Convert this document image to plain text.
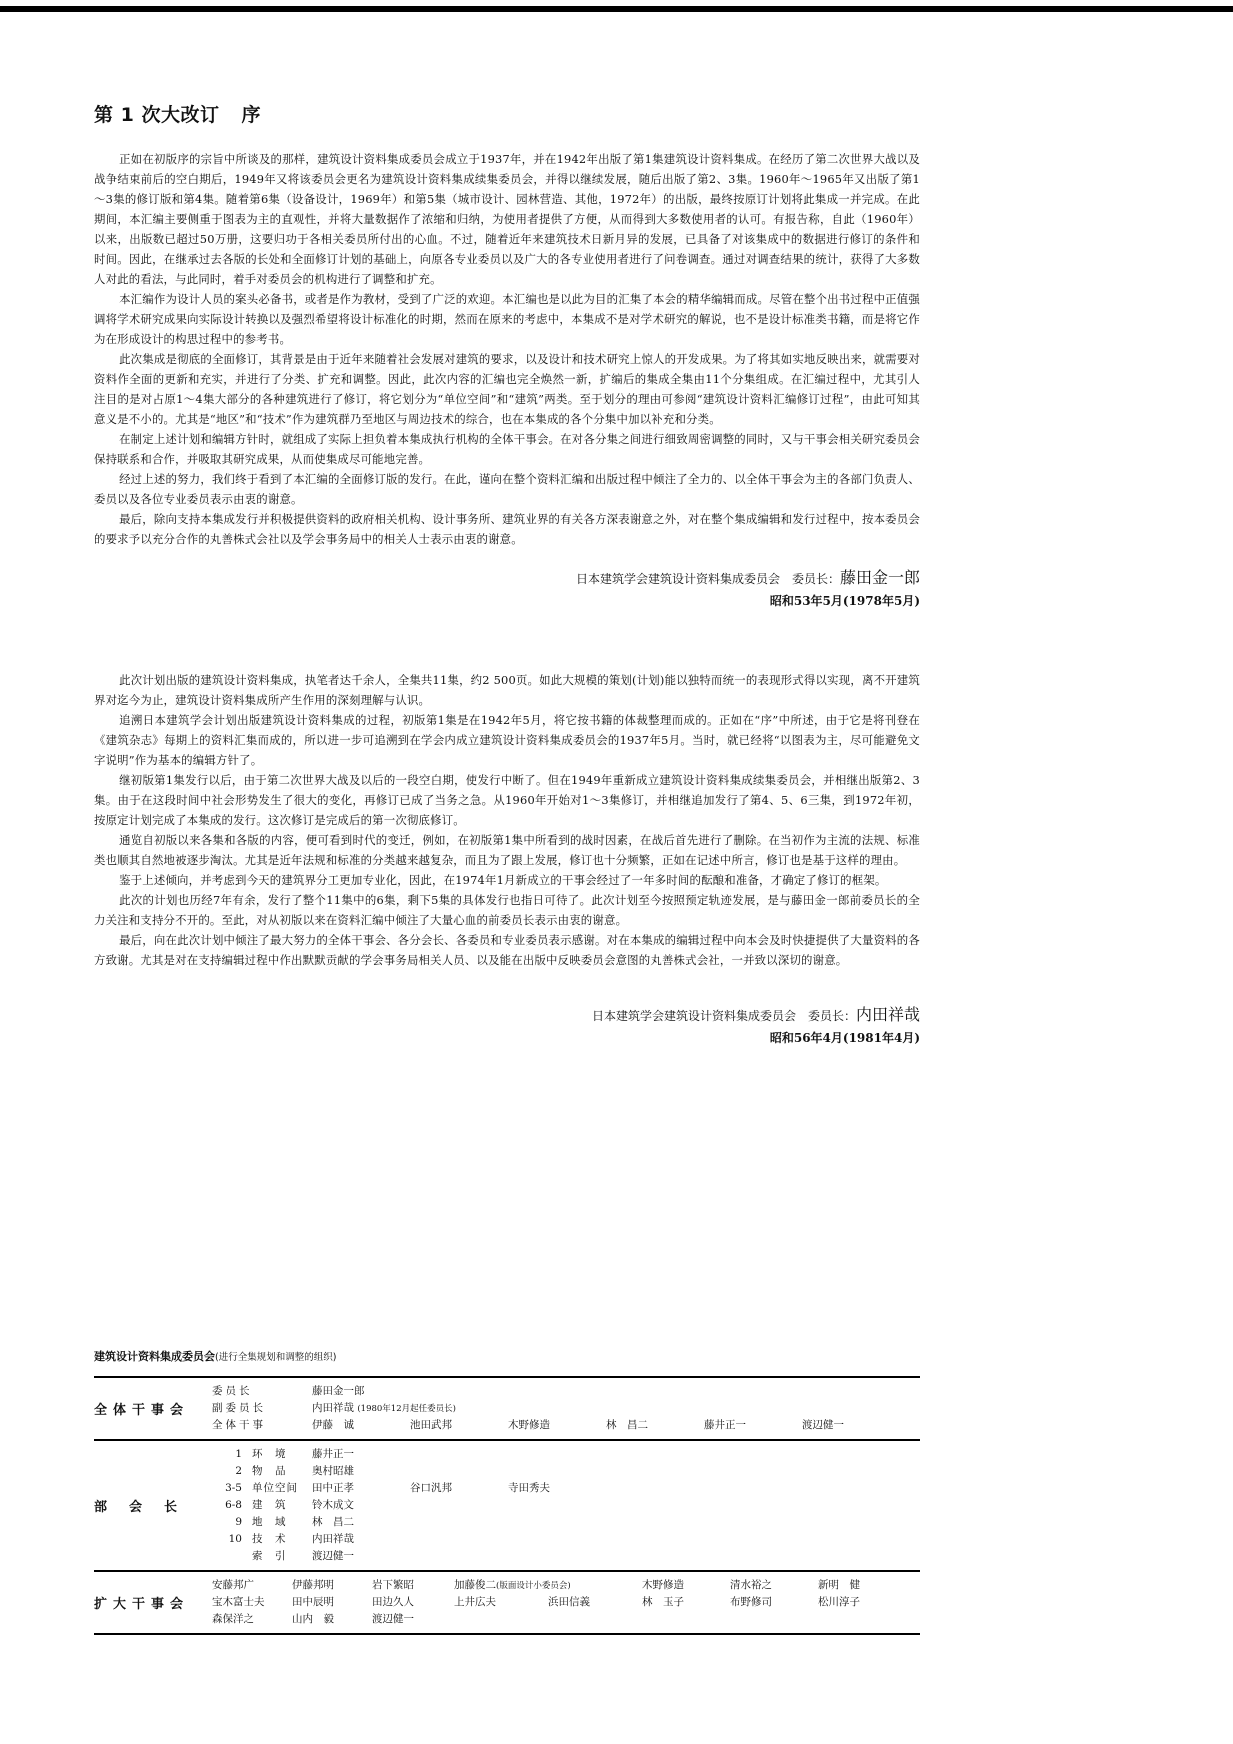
第 1 次大改订 序

正如在初版序的宗旨中所谈及的那样，建筑设计资料集成委员会成立于1937年，并在1942年出版了第1集建筑设计资料集成。在经历了第二次世界大战以及战争结束前后的空白期后，1949年又将该委员会更名为建筑设计资料集成续集委员会，并得以继续发展，随后出版了第2、3集。1960年～1965年又出版了第1～3集的修订版和第4集。随着第6集（设备设计，1969年）和第5集（城市设计、园林营造、其他，1972年）的出版，最终按原订计划将此集成一并完成。在此期间，本汇编主要侧重于图表为主的直观性，并将大量数据作了浓缩和归纳，为使用者提供了方便，从而得到大多数使用者的认可。有报告称，自此（1960年）以来，出版数已超过50万册，这要归功于各相关委员所付出的心血。不过，随着近年来建筑技术日新月异的发展，已具备了对该集成中的数据进行修订的条件和时间。因此，在继承过去各版的长处和全面修订计划的基础上，向原各专业委员以及广大的各专业使用者进行了问卷调查。通过对调查结果的统计，获得了大多数人对此的看法，与此同时，着手对委员会的机构进行了调整和扩充。

本汇编作为设计人员的案头必备书，或者是作为教材，受到了广泛的欢迎。本汇编也是以此为目的汇集了本会的精华编辑而成。尽管在整个出书过程中正值强调将学术研究成果向实际设计转换以及强烈希望将设计标准化的时期，然而在原来的考虑中，本集成不是对学术研究的解说，也不是设计标准类书籍，而是将它作为在形成设计的构思过程中的参考书。

此次集成是彻底的全面修订，其背景是由于近年来随着社会发展对建筑的要求，以及设计和技术研究上惊人的开发成果。为了将其如实地反映出来，就需要对资料作全面的更新和充实，并进行了分类、扩充和调整。因此，此次内容的汇编也完全焕然一新，扩编后的集成全集由11个分集组成。在汇编过程中，尤其引人注目的是对占原1～4集大部分的各种建筑进行了修订，将它划分为“单位空间”和“建筑”两类。至于划分的理由可参阅“建筑设计资料汇编修订过程”，由此可知其意义是不小的。尤其是“地区”和“技术”作为建筑群乃至地区与周边技术的综合，也在本集成的各个分集中加以补充和分类。

在制定上述计划和编辑方针时，就组成了实际上担负着本集成执行机构的全体干事会。在对各分集之间进行细致周密调整的同时，又与干事会相关研究委员会保持联系和合作，并吸取其研究成果，从而使集成尽可能地完善。

经过上述的努力，我们终于看到了本汇编的全面修订版的发行。在此，谨向在整个资料汇编和出版过程中倾注了全力的、以全体干事会为主的各部门负责人、委员以及各位专业委员表示由衷的谢意。

最后，除向支持本集成发行并积极提供资料的政府相关机构、设计事务所、建筑业界的有关各方深表谢意之外，对在整个集成编辑和发行过程中，按本委员会的要求予以充分合作的丸善株式会社以及学会事务局中的相关人士表示由衷的谢意。

日本建筑学会建筑设计资料集成委员会　委员长：藤田金一郎
昭和53年5月(1978年5月)

此次计划出版的建筑设计资料集成，执笔者达千余人，全集共11集，约2 500页。如此大规模的策划(计划)能以独特而统一的表现形式得以实现，离不开建筑界对迄今为止，建筑设计资料集成所产生作用的深刻理解与认识。

追溯日本建筑学会计划出版建筑设计资料集成的过程，初版第1集是在1942年5月，将它按书籍的体裁整理而成的。正如在“序”中所述，由于它是将刊登在《建筑杂志》每期上的资料汇集而成的，所以进一步可追溯到在学会内成立建筑设计资料集成委员会的1937年5月。当时，就已经将“以图表为主，尽可能避免文字说明”作为基本的编辑方针了。

继初版第1集发行以后，由于第二次世界大战及以后的一段空白期，使发行中断了。但在1949年重新成立建筑设计资料集成续集委员会，并相继出版第2、3集。由于在这段时间中社会形势发生了很大的变化，再修订已成了当务之急。从1960年开始对1～3集修订，并相继追加发行了第4、5、6三集，到1972年初，按原定计划完成了本集成的发行。这次修订是完成后的第一次彻底修订。

通览自初版以来各集和各版的内容，便可看到时代的变迁，例如，在初版第1集中所看到的战时因素，在战后首先进行了删除。在当初作为主流的法规、标准类也顺其自然地被逐步淘汰。尤其是近年法规和标准的分类越来越复杂，而且为了跟上发展，修订也十分频繁，正如在记述中所言，修订也是基于这样的理由。

鉴于上述倾向，并考虑到今天的建筑界分工更加专业化，因此，在1974年1月新成立的干事会经过了一年多时间的酝酿和准备，才确定了修订的框架。

此次的计划也历经7年有余，发行了整个11集中的6集，剩下5集的具体发行也指日可待了。此次计划至今按照预定轨迹发展，是与藤田金一郎前委员长的全力关注和支持分不开的。至此，对从初版以来在资料汇编中倾注了大量心血的前委员长表示由衷的谢意。

最后，向在此次计划中倾注了最大努力的全体干事会、各分会长、各委员和专业委员表示感谢。对在本集成的编辑过程中向本会及时快捷提供了大量资料的各方致谢。尤其是对在支持编辑过程中作出默默贡献的学会事务局相关人员、以及能在出版中反映委员会意图的丸善株式会社，一并致以深切的谢意。

日本建筑学会建筑设计资料集成委员会　委员长：内田祥哉
昭和56年4月(1981年4月)
建筑设计资料集成委员会(进行全集规划和调整的组织)
全体干事会
委员长	藤田金一郎
副委员长	内田祥哉 (1980年12月起任委员长)
全体干事	伊藤　诚	池田武邦	木野修造	林　昌二	藤井正一	渡辺健一
部会长
1 环　境	藤井正一
2 物　品	奥村昭雄
3-5 单位空间	田中正孝	谷口汎邦	寺田秀夫
6-8 建　筑	铃木成文
9 地　域	林　昌二
10 技　术	内田祥哉
索　引	渡辺健一
扩大干事会
安藤邦广	伊藤邦明	岩下繁昭	加藤俊二(版面设计小委员会)	木野修造	清水裕之	新明　健
宝木富士夫	田中辰明	田边久人	上井広夫	浜田信義	林　玉子	布野修司	松川淳子
森保洋之	山内　毅	渡辺健一
